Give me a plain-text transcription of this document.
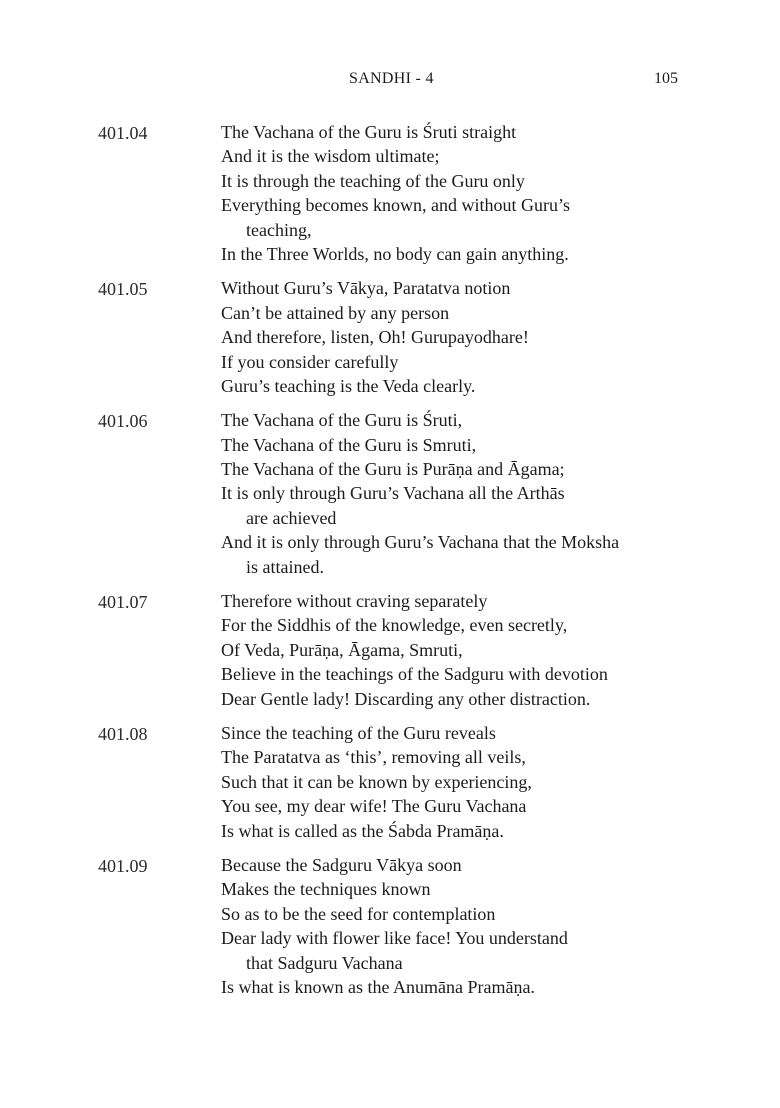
SANDHI - 4	105
401.04	The Vachana of the Guru is Śruti straight
And it is the wisdom ultimate;
It is through the teaching of the Guru only
Everything becomes known, and without Guru’s
teaching,
In the Three Worlds, no body can gain anything.
401.05	Without Guru’s Vākya, Paratatva notion
Can’t be attained by any person
And therefore, listen, Oh! Gurupayodhare!
If you consider carefully
Guru’s teaching is the Veda clearly.
401.06	The Vachana of the Guru is Śruti,
The Vachana of the Guru is Smruti,
The Vachana of the Guru is Purāṇa and Āgama;
It is only through Guru’s Vachana all the Arthās
are achieved
And it is only through Guru’s Vachana that the Moksha
is attained.
401.07	Therefore without craving separately
For the Siddhis of the knowledge, even secretly,
Of Veda, Purāṇa, Āgama, Smruti,
Believe in the teachings of the Sadguru with devotion
Dear Gentle lady! Discarding any other distraction.
401.08	Since the teaching of the Guru reveals
The Paratatva as ‘this’, removing all veils,
Such that it can be known by experiencing,
You see, my dear wife! The Guru Vachana
Is what is called as the Śabda Pramāṇa.
401.09	Because the Sadguru Vākya soon
Makes the techniques known
So as to be the seed for contemplation
Dear lady with flower like face! You understand
that Sadguru Vachana
Is what is known as the Anumāna Pramāṇa.
